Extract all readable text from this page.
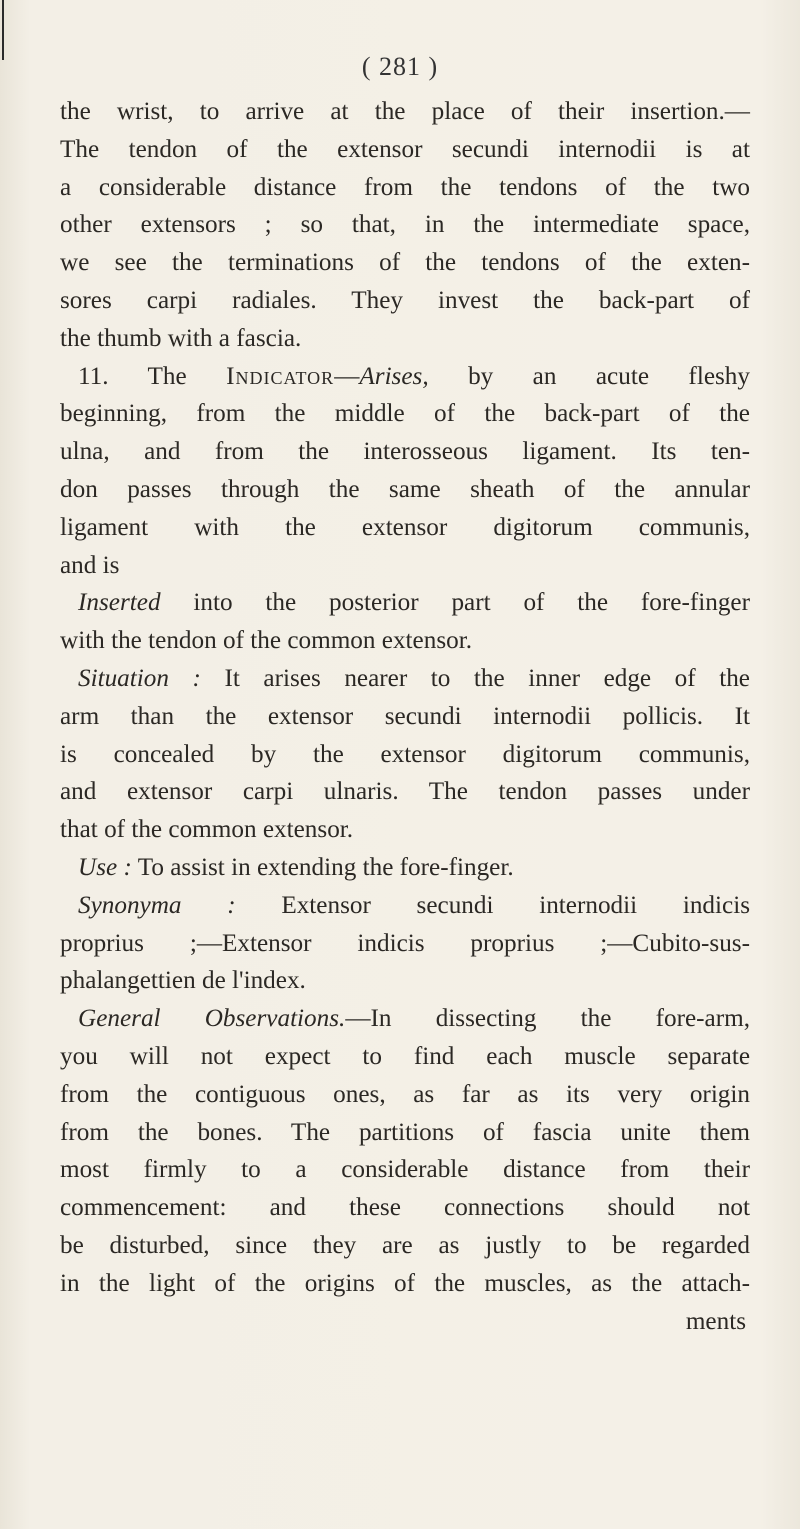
( 281 )
the wrist, to arrive at the place of their insertion.—
The tendon of the extensor secundi internodii is at
a considerable distance from the tendons of the two
other extensors ; so that, in the intermediate space,
we see the terminations of the tendons of the exten-
sores carpi radiales. They invest the back-part of
the thumb with a fascia.
11. The Indicator—Arises, by an acute fleshy
beginning, from the middle of the back-part of the
ulna, and from the interosseous ligament. Its ten-
don passes through the same sheath of the annular
ligament with the extensor digitorum communis,
and is
Inserted into the posterior part of the fore-finger
with the tendon of the common extensor.
Situation : It arises nearer to the inner edge of the
arm than the extensor secundi internodii pollicis. It
is concealed by the extensor digitorum communis,
and extensor carpi ulnaris. The tendon passes under
that of the common extensor.
Use : To assist in extending the fore-finger.
Synonyma : Extensor secundi internodii indicis
proprius ;—Extensor indicis proprius ;—Cubito-sus-
phalangettien de l'index.
General Observations.—In dissecting the fore-arm,
you will not expect to find each muscle separate
from the contiguous ones, as far as its very origin
from the bones. The partitions of fascia unite them
most firmly to a considerable distance from their
commencement: and these connections should not
be disturbed, since they are as justly to be regarded
in the light of the origins of the muscles, as the attach-
ments
